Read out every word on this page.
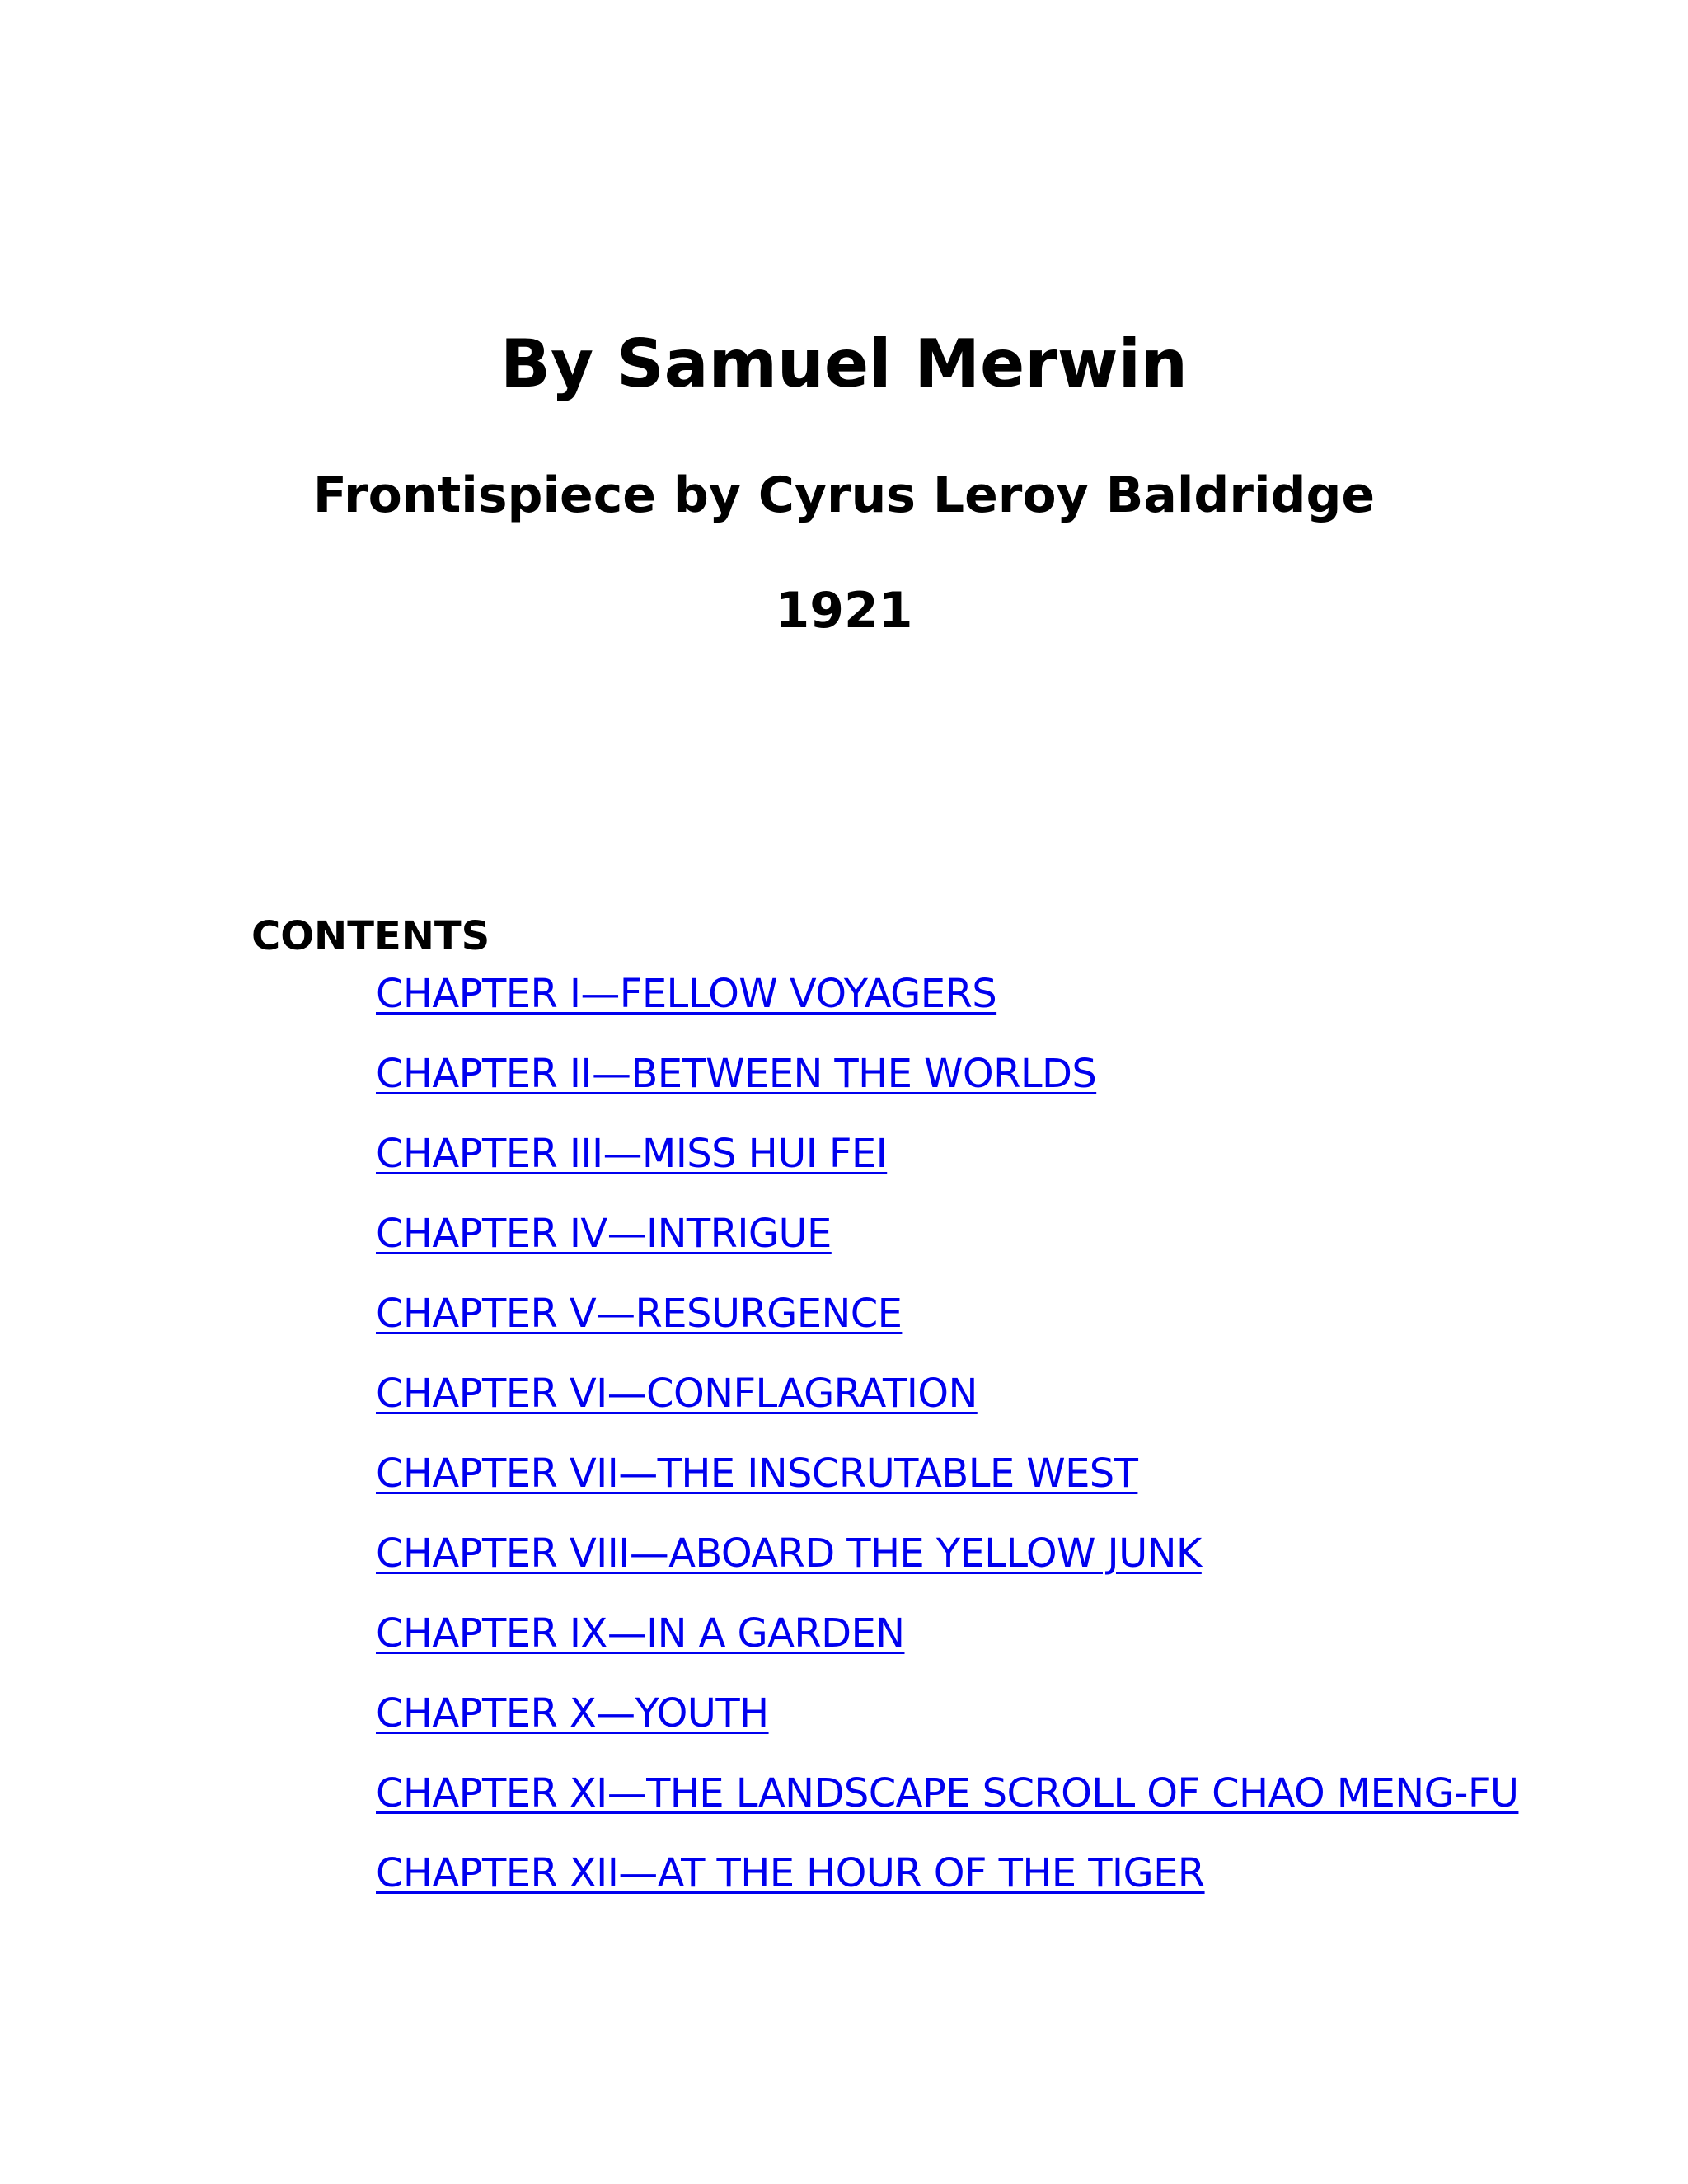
By Samuel Merwin
Frontispiece by Cyrus Leroy Baldridge
1921
CONTENTS
CHAPTER I—FELLOW VOYAGERS
CHAPTER II—BETWEEN THE WORLDS
CHAPTER III—MISS HUI FEI
CHAPTER IV—INTRIGUE
CHAPTER V—RESURGENCE
CHAPTER VI—CONFLAGRATION
CHAPTER VII—THE INSCRUTABLE WEST
CHAPTER VIII—ABOARD THE YELLOW JUNK
CHAPTER IX—IN A GARDEN
CHAPTER X—YOUTH
CHAPTER XI—THE LANDSCAPE SCROLL OF CHAO MENG-FU
CHAPTER XII—AT THE HOUR OF THE TIGER
